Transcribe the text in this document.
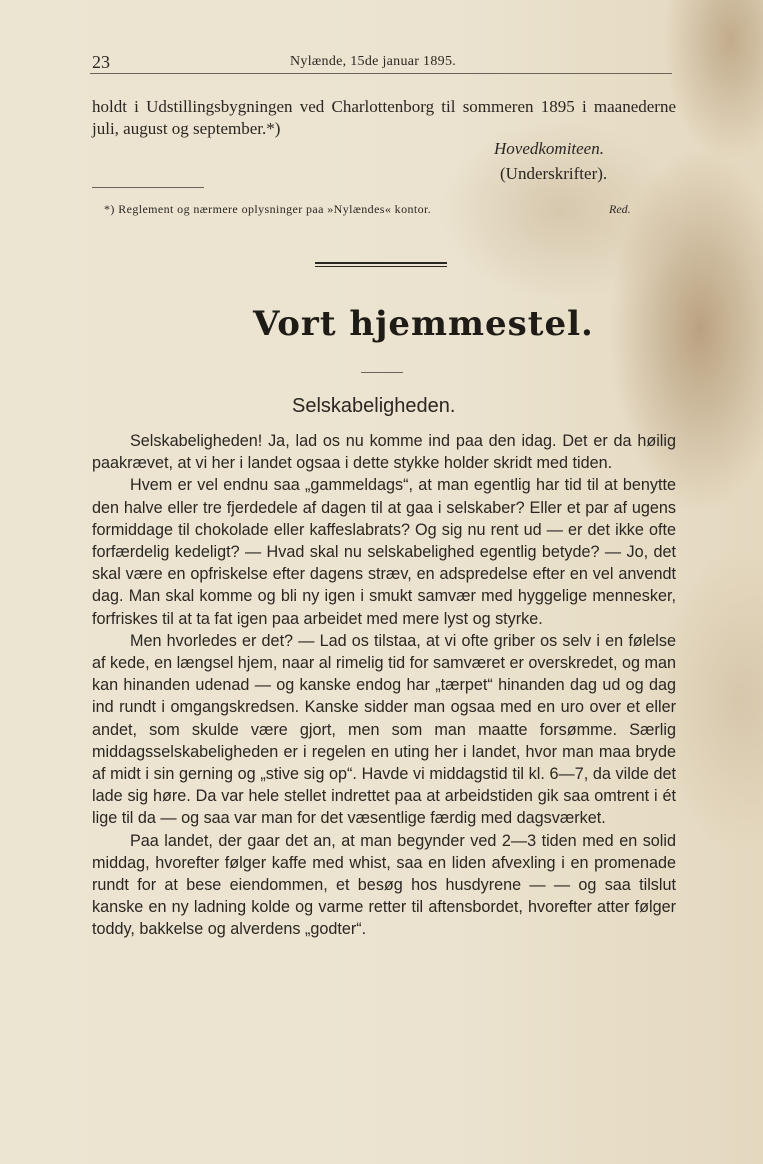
23	Nylænde, 15de januar 1895.

holdt i Udstillingsbygningen ved Charlottenborg til sommeren 1895 i maanederne juli, august og september.*)

Hovedkomiteen.
(Underskrifter).
*) Reglement og nærmere oplysninger paa »Nylændes« kontor.	Red.
Vort hjemmestel.
Selskabeligheden.

Selskabeligheden! Ja, lad os nu komme ind paa den idag. Det er da høilig paakrævet, at vi her i landet ogsaa i dette stykke holder skridt med tiden.

Hvem er vel endnu saa „gammeldags“, at man egentlig har tid til at benytte den halve eller tre fjerdedele af dagen til at gaa i selskaber? Eller et par af ugens formiddage til chokolade eller kaffeslabrats? Og sig nu rent ud — er det ikke ofte forfærdelig kedeligt? — Hvad skal nu selskabelighed egentlig betyde? — Jo, det skal være en opfriskelse efter dagens stræv, en adspredelse efter en vel anvendt dag. Man skal komme og bli ny igen i smukt samvær med hyggelige mennesker, forfriskes til at ta fat igen paa arbeidet med mere lyst og styrke.

Men hvorledes er det? — Lad os tilstaa, at vi ofte griber os selv i en følelse af kede, en længsel hjem, naar al rimelig tid for samværet er overskredet, og man kan hinanden udenad — og kanske endog har „tærpet“ hinanden dag ud og dag ind rundt i omgangskredsen. Kanske sidder man ogsaa med en uro over et eller andet, som skulde være gjort, men som man maatte forsømme. Særlig middagsselskabeligheden er i regelen en uting her i landet, hvor man maa bryde af midt i sin gerning og „stive sig op“. Havde vi middagstid til kl. 6—7, da vilde det lade sig høre. Da var hele stellet indrettet paa at arbeidstiden gik saa omtrent i ét lige til da — og saa var man for det væsentlige færdig med dagsværket.

Paa landet, der gaar det an, at man begynder ved 2—3 tiden med en solid middag, hvorefter følger kaffe med whist, saa en liden afvexling i en promenade rundt for at bese eiendommen, et besøg hos husdyrene — — og saa tilslut kanske en ny ladning kolde og varme retter til aftensbordet, hvorefter atter følger toddy, bakkelse og alverdens „godter“.
